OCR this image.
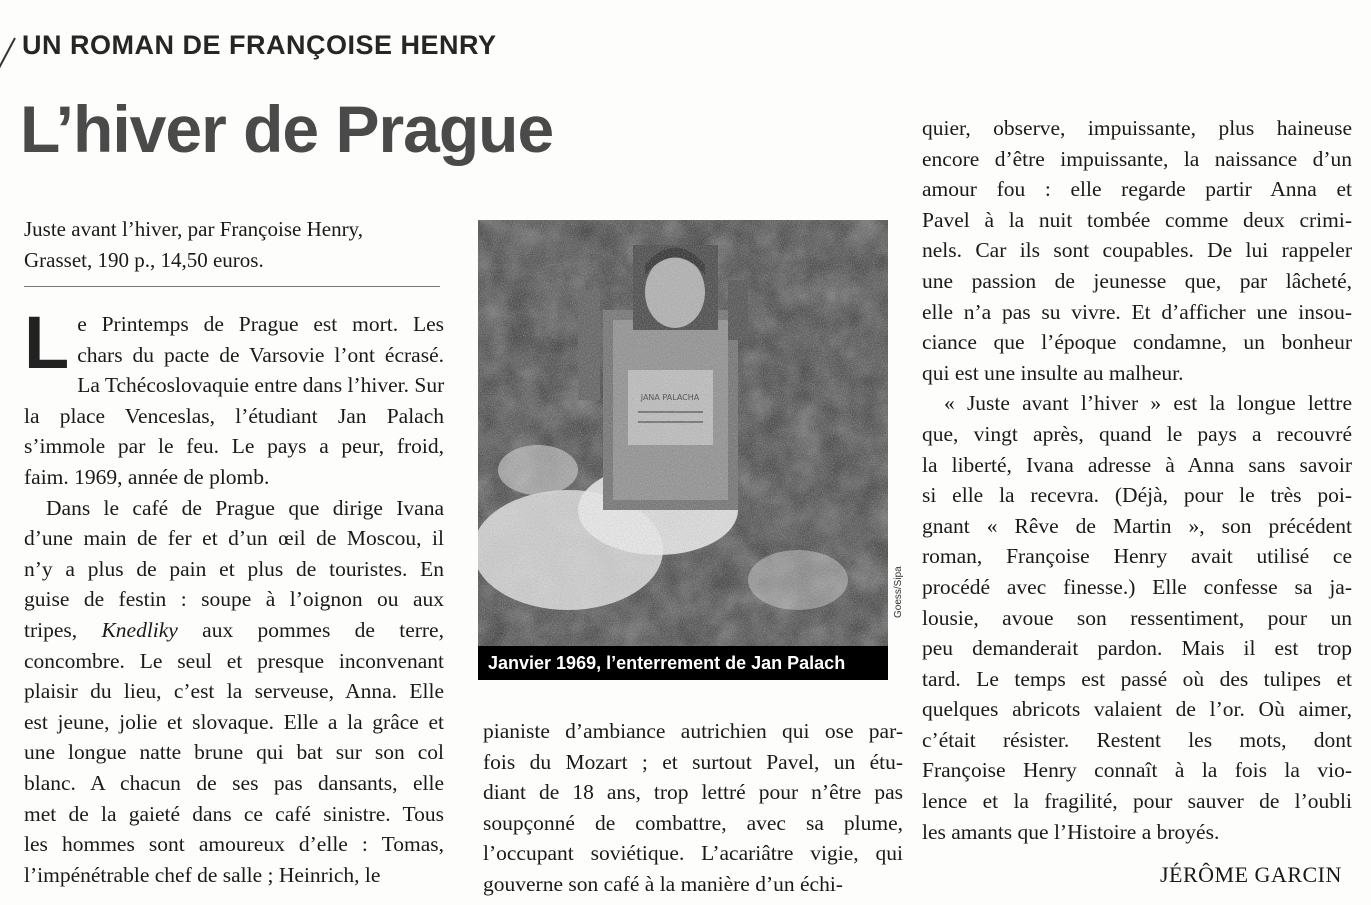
UN ROMAN DE FRANÇOISE HENRY
L’hiver de Prague
Juste avant l’hiver, par Françoise Henry,
Grasset, 190 p., 14,50 euros.
L e Printemps de Prague est mort. Les
chars du pacte de Varsovie l’ont écrasé.
La Tchécoslovaquie entre dans l’hiver. Sur
la place Venceslas, l’étudiant Jan Palach
s’immole par le feu. Le pays a peur, froid,
faim. 1969, année de plomb.
Dans le café de Prague que dirige Ivana
d’une main de fer et d’un œil de Moscou, il
n’y a plus de pain et plus de touristes. En
guise de festin : soupe à l’oignon ou aux
tripes, Knedliky aux pommes de terre,
concombre. Le seul et presque inconvenant
plaisir du lieu, c’est la serveuse, Anna. Elle
est jeune, jolie et slovaque. Elle a la grâce et
une longue natte brune qui bat sur son col
blanc. A chacun de ses pas dansants, elle
met de la gaieté dans ce café sinistre. Tous
les hommes sont amoureux d’elle : Tomas,
l’impénétrable chef de salle ; Heinrich, le
Janvier 1969, l’enterrement de Jan Palach
Goess/Sipa
pianiste d’ambiance autrichien qui ose par-
fois du Mozart ; et surtout Pavel, un étu-
diant de 18 ans, trop lettré pour n’être pas
soupçonné de combattre, avec sa plume,
l’occupant soviétique. L’acariâtre vigie, qui
gouverne son café à la manière d’un échi-
quier, observe, impuissante, plus haineuse
encore d’être impuissante, la naissance d’un
amour fou : elle regarde partir Anna et
Pavel à la nuit tombée comme deux crimi-
nels. Car ils sont coupables. De lui rappeler
une passion de jeunesse que, par lâcheté,
elle n’a pas su vivre. Et d’afficher une insou-
ciance que l’époque condamne, un bonheur
qui est une insulte au malheur.
« Juste avant l’hiver » est la longue lettre
que, vingt après, quand le pays a recouvré
la liberté, Ivana adresse à Anna sans savoir
si elle la recevra. (Déjà, pour le très poi-
gnant « Rêve de Martin », son précédent
roman, Françoise Henry avait utilisé ce
procédé avec finesse.) Elle confesse sa ja-
lousie, avoue son ressentiment, pour un
peu demanderait pardon. Mais il est trop
tard. Le temps est passé où des tulipes et
quelques abricots valaient de l’or. Où aimer,
c’était résister. Restent les mots, dont
Françoise Henry connaît à la fois la vio-
lence et la fragilité, pour sauver de l’oubli
les amants que l’Histoire a broyés.
JÉRÔME GARCIN
